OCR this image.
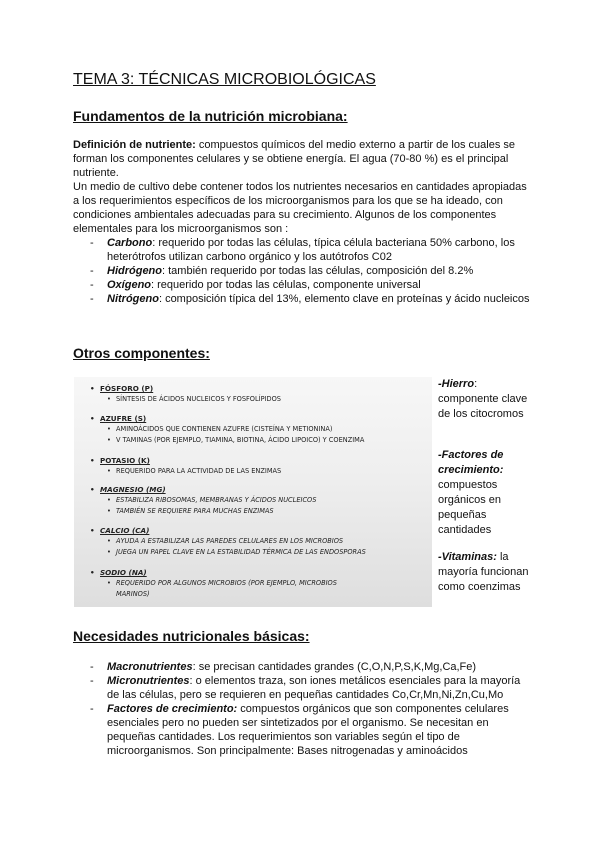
TEMA 3: TÉCNICAS MICROBIOLÓGICAS
Fundamentos de la nutrición microbiana:

Definición de nutriente: compuestos químicos del medio externo a partir de los cuales se forman los componentes celulares y se obtiene energía. El agua (70-80 %) es el principal nutriente.

Un medio de cultivo debe contener todos los nutrientes necesarios en cantidades apropiadas a los requerimientos específicos de los microorganismos para los que se ha ideado, con condiciones ambientales adecuadas para su crecimiento. Algunos de los componentes elementales para los microorganismos son :

- Carbono: requerido por todas las células, típica célula bacteriana 50% carbono, los heterótrofos utilizan carbono orgánico y los autótrofos C02
- Hidrógeno: también requerido por todas las células, composición del 8.2%
- Oxígeno: requerido por todas las células, componente universal
- Nitrógeno: composición típica del 13%, elemento clave en proteínas y ácido nucleicos
Otros componentes:
• FÓSFORO (P)
• SÍNTESIS DE ÁCIDOS NUCLEICOS Y FOSFOLÍPIDOS
• AZUFRE (S)
• AMINOÁCIDOS QUE CONTIENEN AZUFRE (CISTEÍNA Y METIONINA)
• V TAMINAS (POR EJEMPLO, TIAMINA, BIOTINA, ÁCIDO LIPOICO) Y COENZIMA
• POTASIO (K)
• REQUERIDO PARA LA ACTIVIDAD DE LAS ENZIMAS
• MAGNESIO (MG)
• ESTABILIZA RIBOSOMAS, MEMBRANAS Y ÁCIDOS NUCLEICOS
• TAMBIÉN SE REQUIERE PARA MUCHAS ENZIMAS
• CALCIO (CA)
• AYUDA A ESTABILIZAR LAS PAREDES CELULARES EN LOS MICROBIOS
• JUEGA UN PAPEL CLAVE EN LA ESTABILIDAD TÉRMICA DE LAS ENDOSPORAS
• SODIO (NA)
• REQUERIDO POR ALGUNOS MICROBIOS (POR EJEMPLO, MICROBIOS MARINOS)
-Hierro: componente clave de los citocromos
-Factores de crecimiento: compuestos orgánicos en pequeñas cantidades
-Vitaminas: la mayoría funcionan como coenzimas
Necesidades nutricionales básicas:
- Macronutrientes: se precisan cantidades grandes (C,O,N,P,S,K,Mg,Ca,Fe)
- Micronutrientes: o elementos traza, son iones metálicos esenciales para la mayoría de las células, pero se requieren en pequeñas cantidades Co,Cr,Mn,Ni,Zn,Cu,Mo
- Factores de crecimiento: compuestos orgánicos que son componentes celulares esenciales pero no pueden ser sintetizados por el organismo. Se necesitan en pequeñas cantidades. Los requerimientos son variables según el tipo de microorganismos. Son principalmente: Bases nitrogenadas y aminoácidos
